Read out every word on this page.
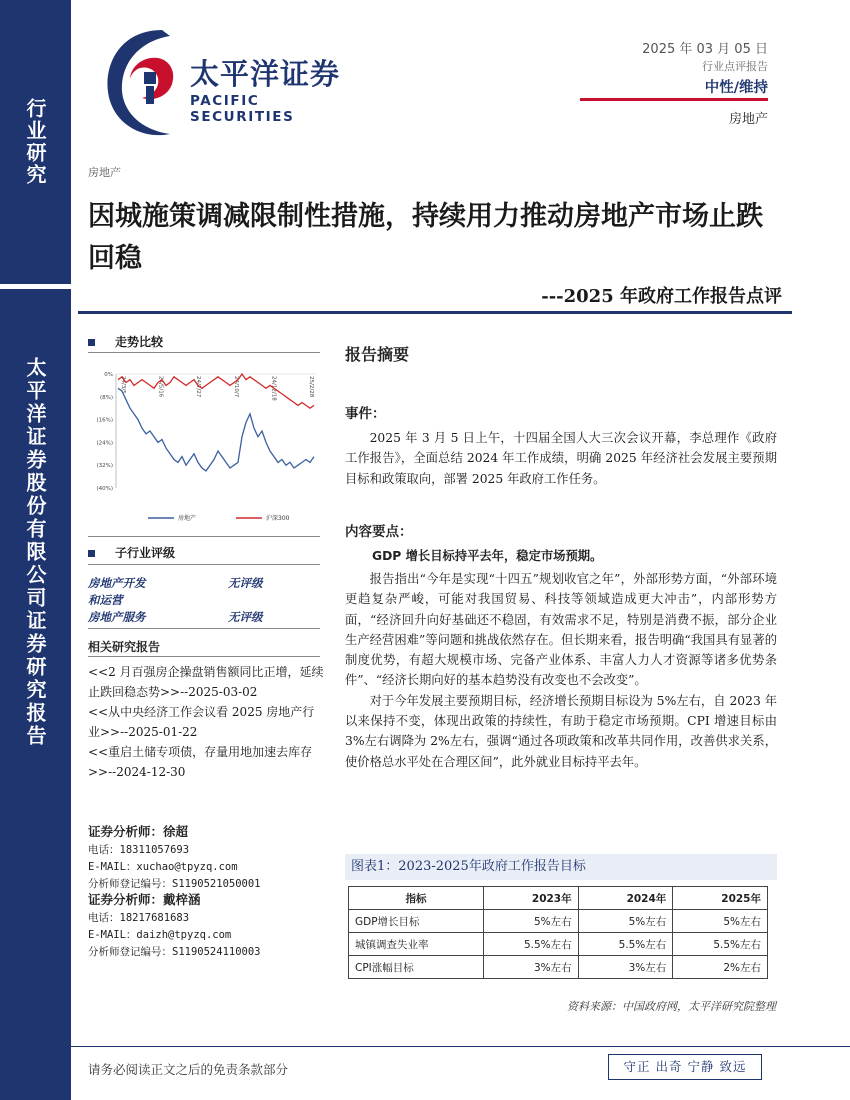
行业研究
太平洋证券股份有限公司证券研究报告
太平洋证券
PACIFIC SECURITIES
2025 年 03 月 05 日
行业点评报告
中性/维持
房地产
房地产
因城施策调减限制性措施，持续用力推动房地产市场止跌回稳
---2025 年政府工作报告点评
走势比较
0%
(8%)
(16%)
(24%)
(32%)
(40%)
24/3/5	24/5/16	24/7/27	24/10/7	24/12/18	25/2/28
房地产	沪深300
子行业评级
房地产开发	无评级
和运营
房地产服务	无评级
相关研究报告
<<2 月百强房企操盘销售额同比正增，延续止跌回稳态势>>--2025-03-02
<<从中央经济工作会议看 2025 房地产行业>>--2025-01-22
<<重启土储专项债，存量用地加速去库存>>--2024-12-30
证券分析师：徐超
电话：18311057693
E-MAIL：xuchao@tpyzq.com
分析师登记编号：S1190521050001
证券分析师：戴梓涵
电话：18217681683
E-MAIL：daizh@tpyzq.com
分析师登记编号：S1190524110003
报告摘要
事件：

2025 年 3 月 5 日上午，十四届全国人大三次会议开幕，李总理作《政府工作报告》，全面总结 2024 年工作成绩，明确 2025 年经济社会发展主要预期目标和政策取向，部署 2025 年政府工作任务。

内容要点：
GDP 增长目标持平去年，稳定市场预期。

报告指出“今年是实现“十四五”规划收官之年”，外部形势方面，“外部环境更趋复杂严峻，可能对我国贸易、科技等领域造成更大冲击”，内部形势方面，“经济回升向好基础还不稳固，有效需求不足，特别是消费不振，部分企业生产经营困难”等问题和挑战依然存在。但长期来看，报告明确“我国具有显著的制度优势，有超大规模市场、完备产业体系、丰富人力人才资源等诸多优势条件”、“经济长期向好的基本趋势没有改变也不会改变”。

对于今年发展主要预期目标，经济增长预期目标设为 5%左右，自 2023 年以来保持不变，体现出政策的持续性，有助于稳定市场预期。CPI 增速目标由 3%左右调降为 2%左右，强调“通过各项政策和改革共同作用，改善供求关系，使价格总水平处在合理区间”，此外就业目标持平去年。

图表1：2023-2025年政府工作报告目标
指标	2023年	2024年	2025年
GDP增长目标	5%左右	5%左右	5%左右
城镇调查失业率	5.5%左右	5.5%左右	5.5%左右
CPI涨幅目标	3%左右	3%左右	2%左右
资料来源：中国政府网，太平洋研究院整理
请务必阅读正文之后的免责条款部分	守正 出奇 宁静 致远
